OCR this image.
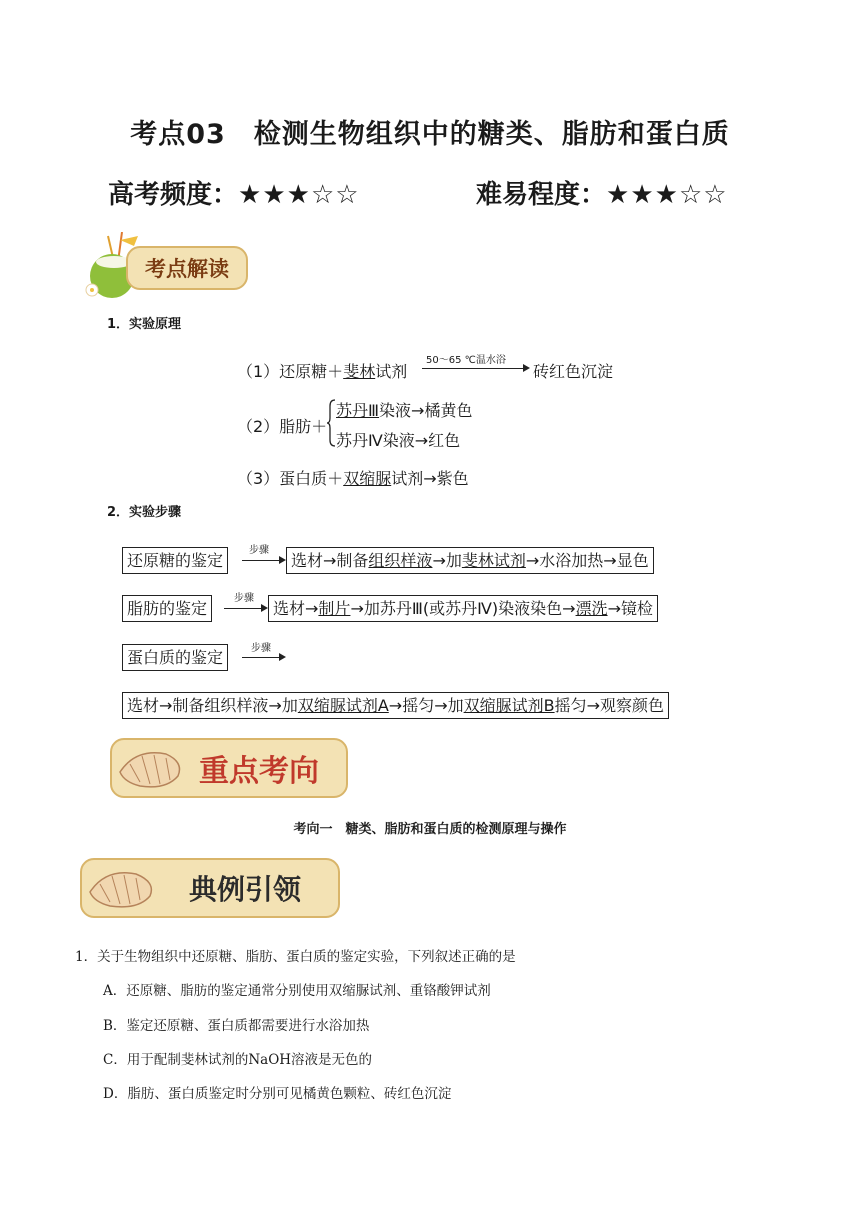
考点03　检测生物组织中的糖类、脂肪和蛋白质
高考频度：★★★☆☆	难易程度：★★★☆☆
考点解读
1．实验原理
（1）还原糖＋斐林试剂
50～65 ℃温水浴
砖红色沉淀
（2）脂肪＋
苏丹Ⅲ染液→橘黄色
苏丹Ⅳ染液→红色
（3）蛋白质＋双缩脲试剂→紫色
2．实验步骤
还原糖的鉴定
步骤
选材→制备组织样液→加斐林试剂→水浴加热→显色
脂肪的鉴定
步骤
选材→制片→加苏丹Ⅲ(或苏丹Ⅳ)染液染色→漂洗→镜检
蛋白质的鉴定	步骤
选材→制备组织样液→加双缩脲试剂A→摇匀→加双缩脲试剂B摇匀→观察颜色
重点考向
考向一　糖类、脂肪和蛋白质的检测原理与操作
典例引领
1．关于生物组织中还原糖、脂肪、蛋白质的鉴定实验，下列叙述正确的是
A．还原糖、脂肪的鉴定通常分别使用双缩脲试剂、重铬酸钾试剂
B．鉴定还原糖、蛋白质都需要进行水浴加热
C．用于配制斐林试剂的NaOH溶液是无色的
D．脂肪、蛋白质鉴定时分别可见橘黄色颗粒、砖红色沉淀
